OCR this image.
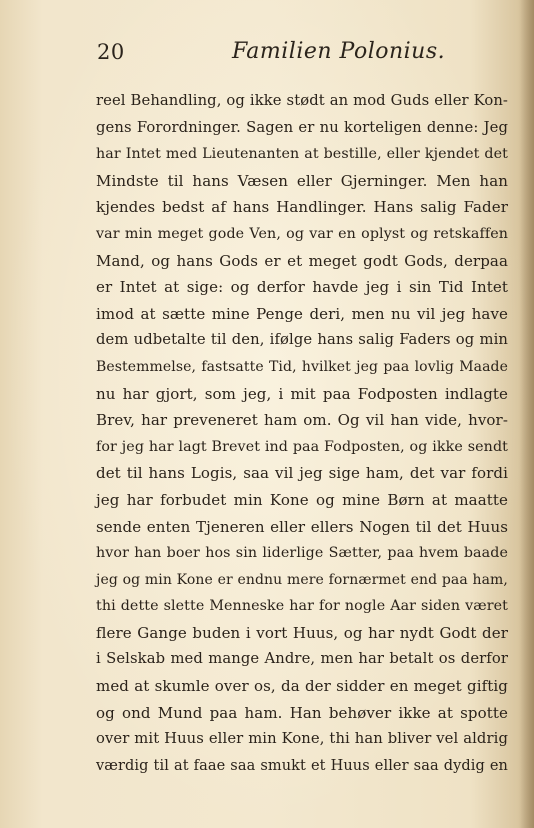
20	Familien Polonius.
reel Behandling, og ikke stødt an mod Guds eller Kon-
gens Forordninger. Sagen er nu korteligen denne: Jeg
har Intet med Lieutenanten at bestille, eller kjendet det
Mindste til hans Væsen eller Gjerninger. Men han
kjendes bedst af hans Handlinger. Hans salig Fader
var min meget gode Ven, og var en oplyst og retskaffen
Mand, og hans Gods er et meget godt Gods, derpaa
er Intet at sige: og derfor havde jeg i sin Tid Intet
imod at sætte mine Penge deri, men nu vil jeg have
dem udbetalte til den, ifølge hans salig Faders og min
Bestemmelse, fastsatte Tid, hvilket jeg paa lovlig Maade
nu har gjort, som jeg, i mit paa Fodposten indlagte
Brev, har preveneret ham om. Og vil han vide, hvor-
for jeg har lagt Brevet ind paa Fodposten, og ikke sendt
det til hans Logis, saa vil jeg sige ham, det var fordi
jeg har forbudet min Kone og mine Børn at maatte
sende enten Tjeneren eller ellers Nogen til det Huus
hvor han boer hos sin liderlige Sætter, paa hvem baade
jeg og min Kone er endnu mere fornærmet end paa ham,
thi dette slette Menneske har for nogle Aar siden været
flere Gange buden i vort Huus, og har nydt Godt der
i Selskab med mange Andre, men har betalt os derfor
med at skumle over os, da der sidder en meget giftig
og ond Mund paa ham. Han behøver ikke at spotte
over mit Huus eller min Kone, thi han bliver vel aldrig
værdig til at faae saa smukt et Huus eller saa dydig en
